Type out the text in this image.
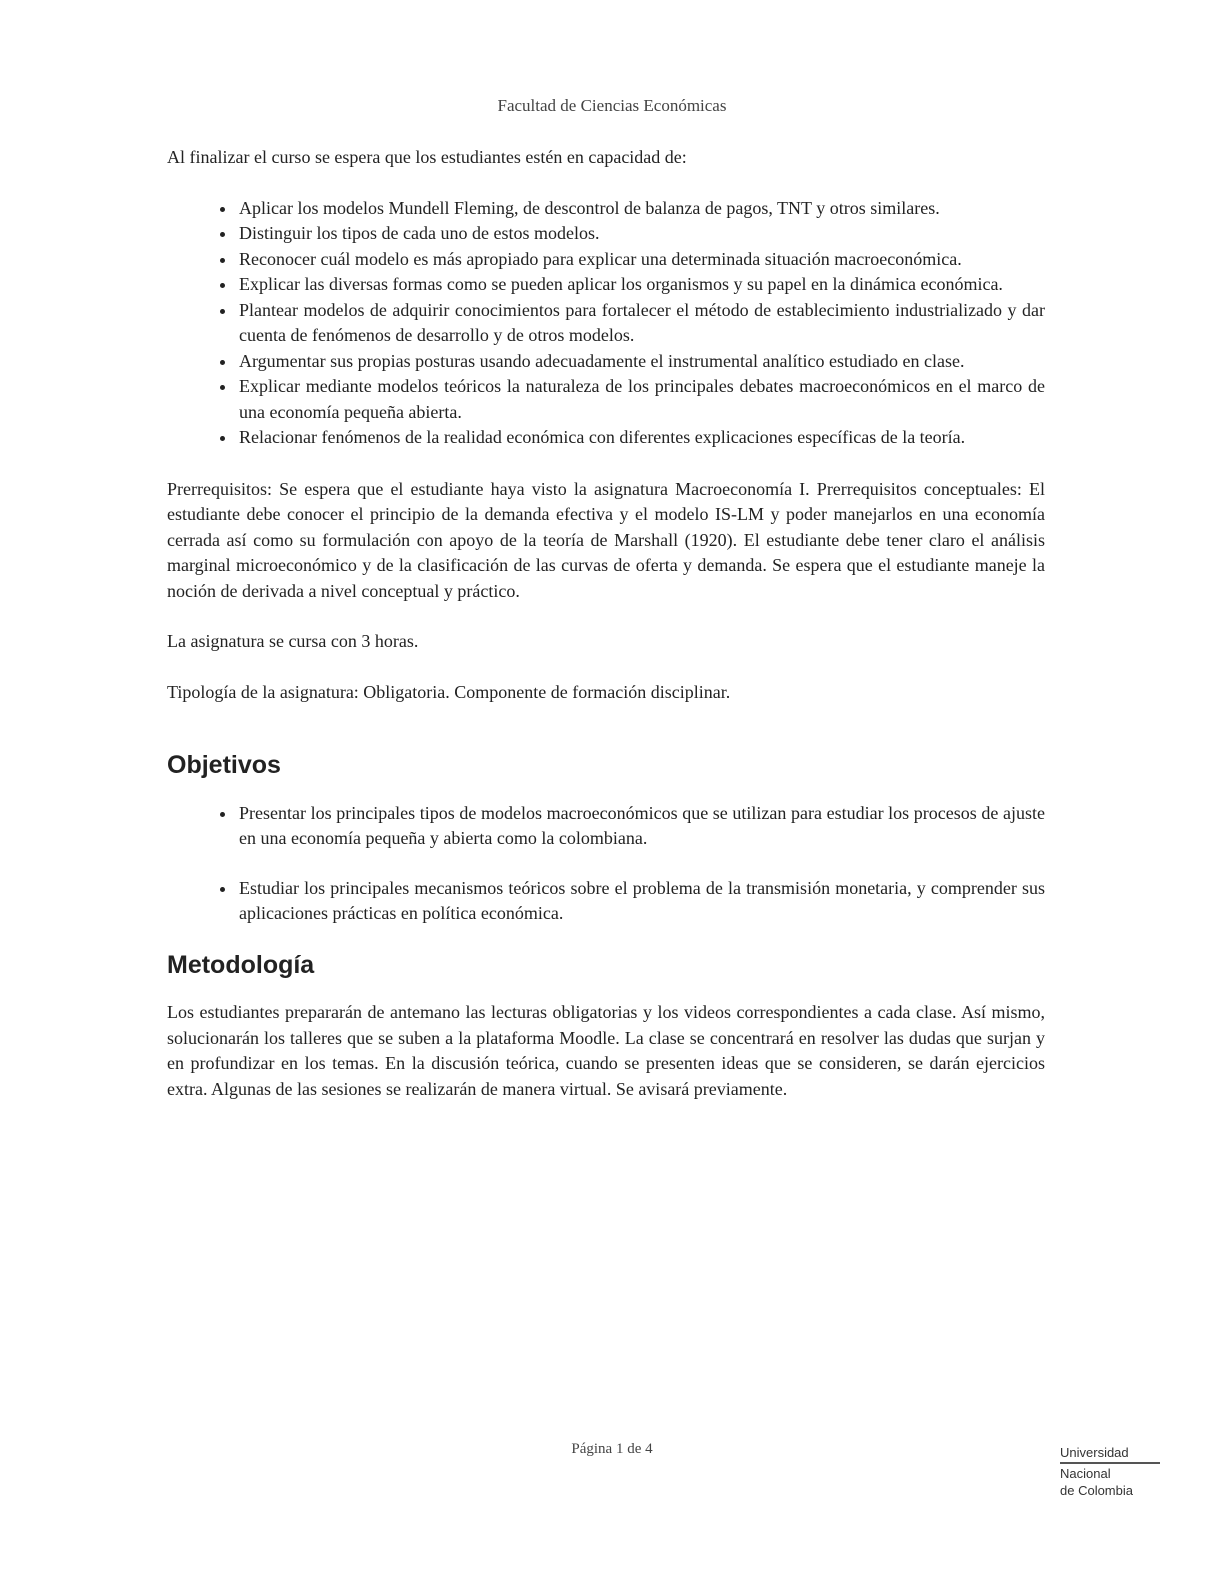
Facultad de Ciencias Económicas

Al finalizar el curso se espera que los estudiantes estén en capacidad de:

• Aplicar los modelos Mundell Fleming, de descontrol de balanza de pagos, TNT y otros similares.
• Distinguir los tipos de cada uno de estos modelos.
• Reconocer cuál modelo es más apropiado para explicar una determinada situación macroeconómica.
• Explicar las diversas formas como se pueden aplicar los organismos y su papel en la dinámica económica.
• Plantear modelos de adquirir conocimientos para fortalecer el método de establecimiento industrializado y dar cuenta de fenómenos de desarrollo y de otros modelos.
• Argumentar sus propias posturas usando adecuadamente el instrumental analítico estudiado en clase.
• Explicar mediante modelos teóricos la naturaleza de los principales debates macroeconómicos en el marco de una economía pequeña abierta.
• Relacionar fenómenos de la realidad económica con diferentes explicaciones específicas de la teoría.

Prerrequisitos: Se espera que el estudiante haya visto la asignatura Macroeconomía I. Prerrequisitos conceptuales: El estudiante debe conocer el principio de la demanda efectiva y el modelo IS-LM y poder manejarlos en una economía cerrada así como su formulación con apoyo de la teoría de Marshall (1920). El estudiante debe tener claro el análisis marginal microeconómico y de la clasificación de las curvas de oferta y demanda. Se espera que el estudiante maneje la noción de derivada a nivel conceptual y práctico.

La asignatura se cursa con 3 horas.

Tipología de la asignatura: Obligatoria. Componente de formación disciplinar.

Objetivos
• Presentar los principales tipos de modelos macroeconómicos que se utilizan para estudiar los procesos de ajuste en una economía pequeña y abierta como la colombiana.
• Estudiar los principales mecanismos teóricos sobre el problema de la transmisión monetaria, y comprender sus aplicaciones prácticas en política económica.
Metodología

Los estudiantes prepararán de antemano las lecturas obligatorias y los videos correspondientes a cada clase. Así mismo, solucionarán los talleres que se suben a la plataforma Moodle. La clase se concentrará en resolver las dudas que surjan y en profundizar en los temas. En la discusión teórica, cuando se presenten ideas que se consideren, se darán ejercicios extra. Algunas de las sesiones se realizarán de manera virtual. Se avisará previamente.

Página 1 de 4	Universidad
Nacional
de Colombia
